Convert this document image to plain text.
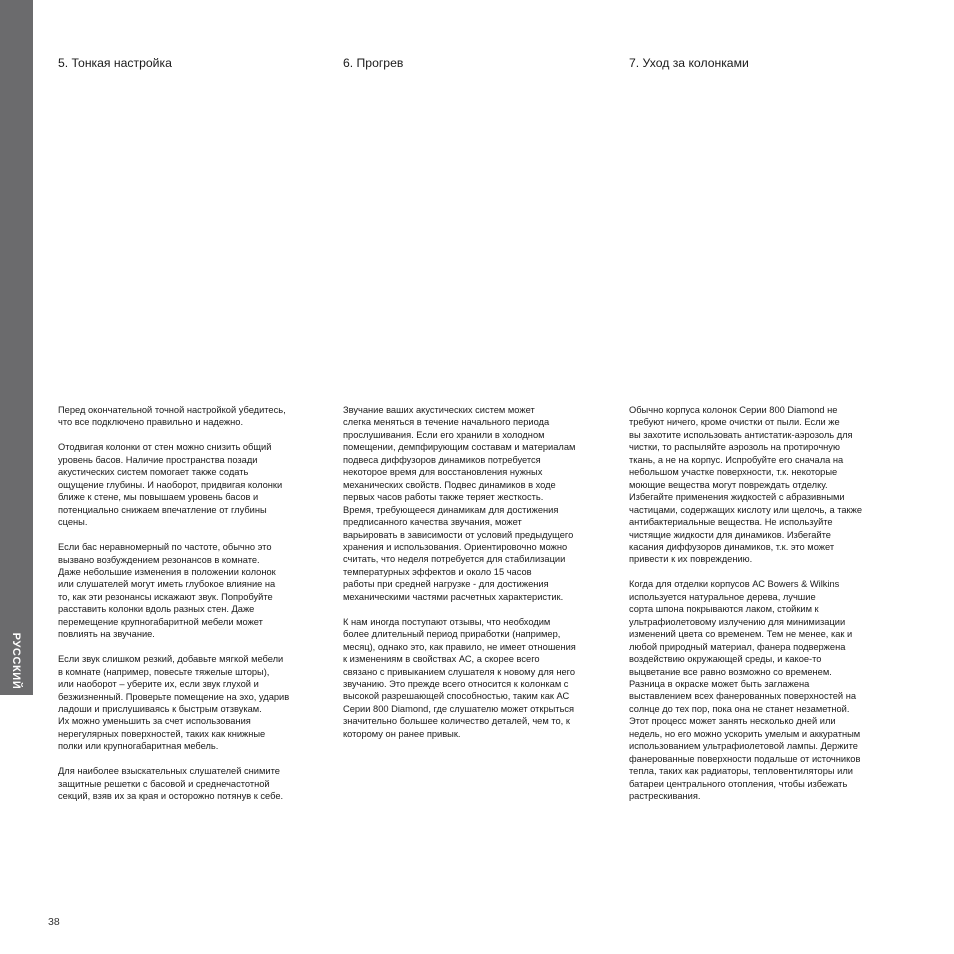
РУССКИЙ
5. Тонкая настройка

Перед окончательной точной настройкой убедитесь,
что все подключено правильно и надежно.

Отодвигая колонки от стен можно снизить общий
уровень басов. Наличие пространства позади
акустических систем помогает также содать
ощущение глубины. И наоборот, придвигая колонки
ближе к стене, мы повышаем уровень басов и
потенциально снижаем впечатление от глубины
сцены.

Если бас неравномерный по частоте, обычно это
вызвано возбуждением резонансов в комнате.
Даже небольшие изменения в положении колонок
или слушателей могут иметь глубокое влияние на
то, как эти резонансы искажают звук. Попробуйте
расставить колонки вдоль разных стен. Даже
перемещение крупногабаритной мебели может
повлиять на звучание.

Если звук слишком резкий, добавьте мягкой мебели
в комнате (например, повесьте тяжелые шторы),
или наоборот – уберите их, если звук глухой и
безжизненный. Проверьте помещение на эхо, ударив
ладоши и прислушиваясь к быстрым отзвукам.
Их можно уменьшить за счет использования
нерегулярных поверхностей, таких как книжные
полки или крупногабаритная мебель.

Для наиболее взыскательных слушателей снимите
защитные решетки с басовой и среднечастотной
секций, взяв их за края и осторожно потянув к себе.

6. Прогрев

Звучание ваших акустических систем может
слегка меняться в течение начального периода
прослушивания. Если его хранили в холодном
помещении, демпфирующим составам и материалам
подвеса диффузоров динамиков потребуется
некоторое время для восстановления нужных
механических свойств. Подвес динамиков в ходе
первых часов работы также теряет жесткость.
Время, требующееся динамикам для достижения
предписанного качества звучания, может
варьировать в зависимости от условий предыдущего
хранения и использования. Ориентировочно можно
считать, что неделя потребуется для стабилизации
температурных эффектов и около 15 часов
работы при средней нагрузке - для достижения
механическими частями расчетных характеристик.

К нам иногда поступают отзывы, что необходим
более длительный период приработки (например,
месяц), однако это, как правило, не имеет отношения
к изменениям в свойствах АС, а скорее всего
связано с привыканием слушателя к новому для него
звучанию. Это прежде всего относится к колонкам с
высокой разрешающей способностью, таким как АС
Серии 800 Diamond, где слушателю может открыться
значительно большее количество деталей, чем то, к
которому он ранее привык.

7. Уход за колонками

Обычно корпуса колонок Серии 800 Diamond не
требуют ничего, кроме очистки от пыли. Если же
вы захотите использовать антистатик-аэрозоль для
чистки, то распыляйте аэрозоль на протирочную
ткань, а не на корпус. Испробуйте его сначала на
небольшом участке поверхности, т.к. некоторые
моющие вещества могут повреждать отделку.
Избегайте применения жидкостей с абразивными
частицами, содержащих кислоту или щелочь, а также
антибактериальные вещества. Не используйте
чистящие жидкости для динамиков. Избегайте
касания диффузоров динамиков, т.к. это может
привести к их повреждению.

Когда для отделки корпусов АС Bowers & Wilkins
используется натуральное дерева, лучшие
сорта шпона покрываются лаком, стойким к
ультрафиолетовому излучению для минимизации
изменений цвета со временем. Тем не менее, как и
любой природный материал, фанера подвержена
воздействию окружающей среды, и какое-то
выцветание все равно возможно со временем.
Разница в окраске может быть заглажена
выставлением всех фанерованных поверхностей на
солнце до тех пор, пока она не станет незаметной.
Этот процесс может занять несколько дней или
недель, но его можно ускорить умелым и аккуратным
использованием ультрафиолетовой лампы. Держите
фанерованные поверхности подальше от источников
тепла, таких как радиаторы, тепловентиляторы или
батареи центрального отопления, чтобы избежать
растрескивания.

38
